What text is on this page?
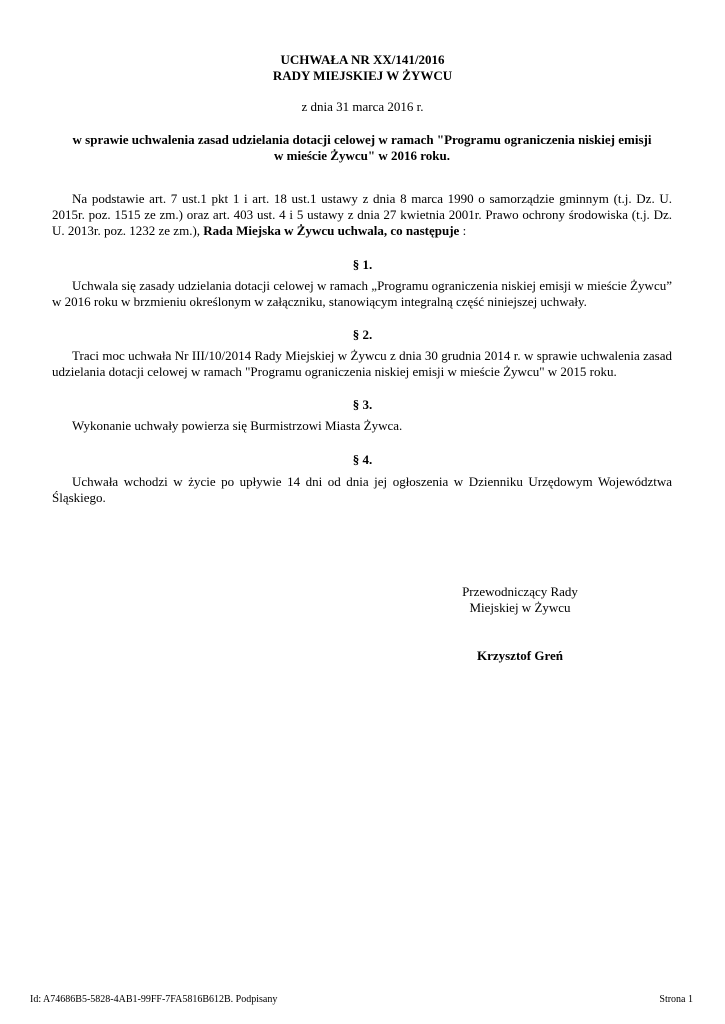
UCHWAŁA NR XX/141/2016
RADY MIEJSKIEJ W ŻYWCU
z dnia 31 marca 2016 r.
w sprawie uchwalenia zasad udzielania dotacji celowej w ramach "Programu ograniczenia niskiej emisji
w mieście Żywcu" w 2016 roku.
Na podstawie art. 7 ust.1 pkt 1 i art. 18 ust.1 ustawy z dnia 8 marca 1990 o samorządzie gminnym (t.j. Dz. U. 2015r. poz. 1515 ze zm.) oraz art. 403 ust. 4 i 5 ustawy z dnia 27 kwietnia 2001r. Prawo ochrony środowiska (t.j. Dz. U. 2013r. poz. 1232 ze zm.), Rada Miejska w Żywcu uchwala, co następuje :
§ 1.
Uchwala się zasady udzielania dotacji celowej w ramach „Programu ograniczenia niskiej emisji w mieście Żywcu” w 2016 roku w brzmieniu określonym w załączniku, stanowiącym integralną część niniejszej uchwały.
§ 2.
Traci moc uchwała Nr III/10/2014 Rady Miejskiej w Żywcu z dnia 30 grudnia 2014 r. w sprawie uchwalenia zasad udzielania dotacji celowej w ramach "Programu ograniczenia niskiej emisji w mieście Żywcu" w 2015 roku.
§ 3.
Wykonanie uchwały powierza się Burmistrzowi Miasta Żywca.
§ 4.
Uchwała wchodzi w życie po upływie 14 dni od dnia jej ogłoszenia w Dzienniku Urzędowym Województwa Śląskiego.
Przewodniczący Rady
Miejskiej w Żywcu
Krzysztof Greń
Id: A74686B5-5828-4AB1-99FF-7FA5816B612B. Podpisany	Strona 1
